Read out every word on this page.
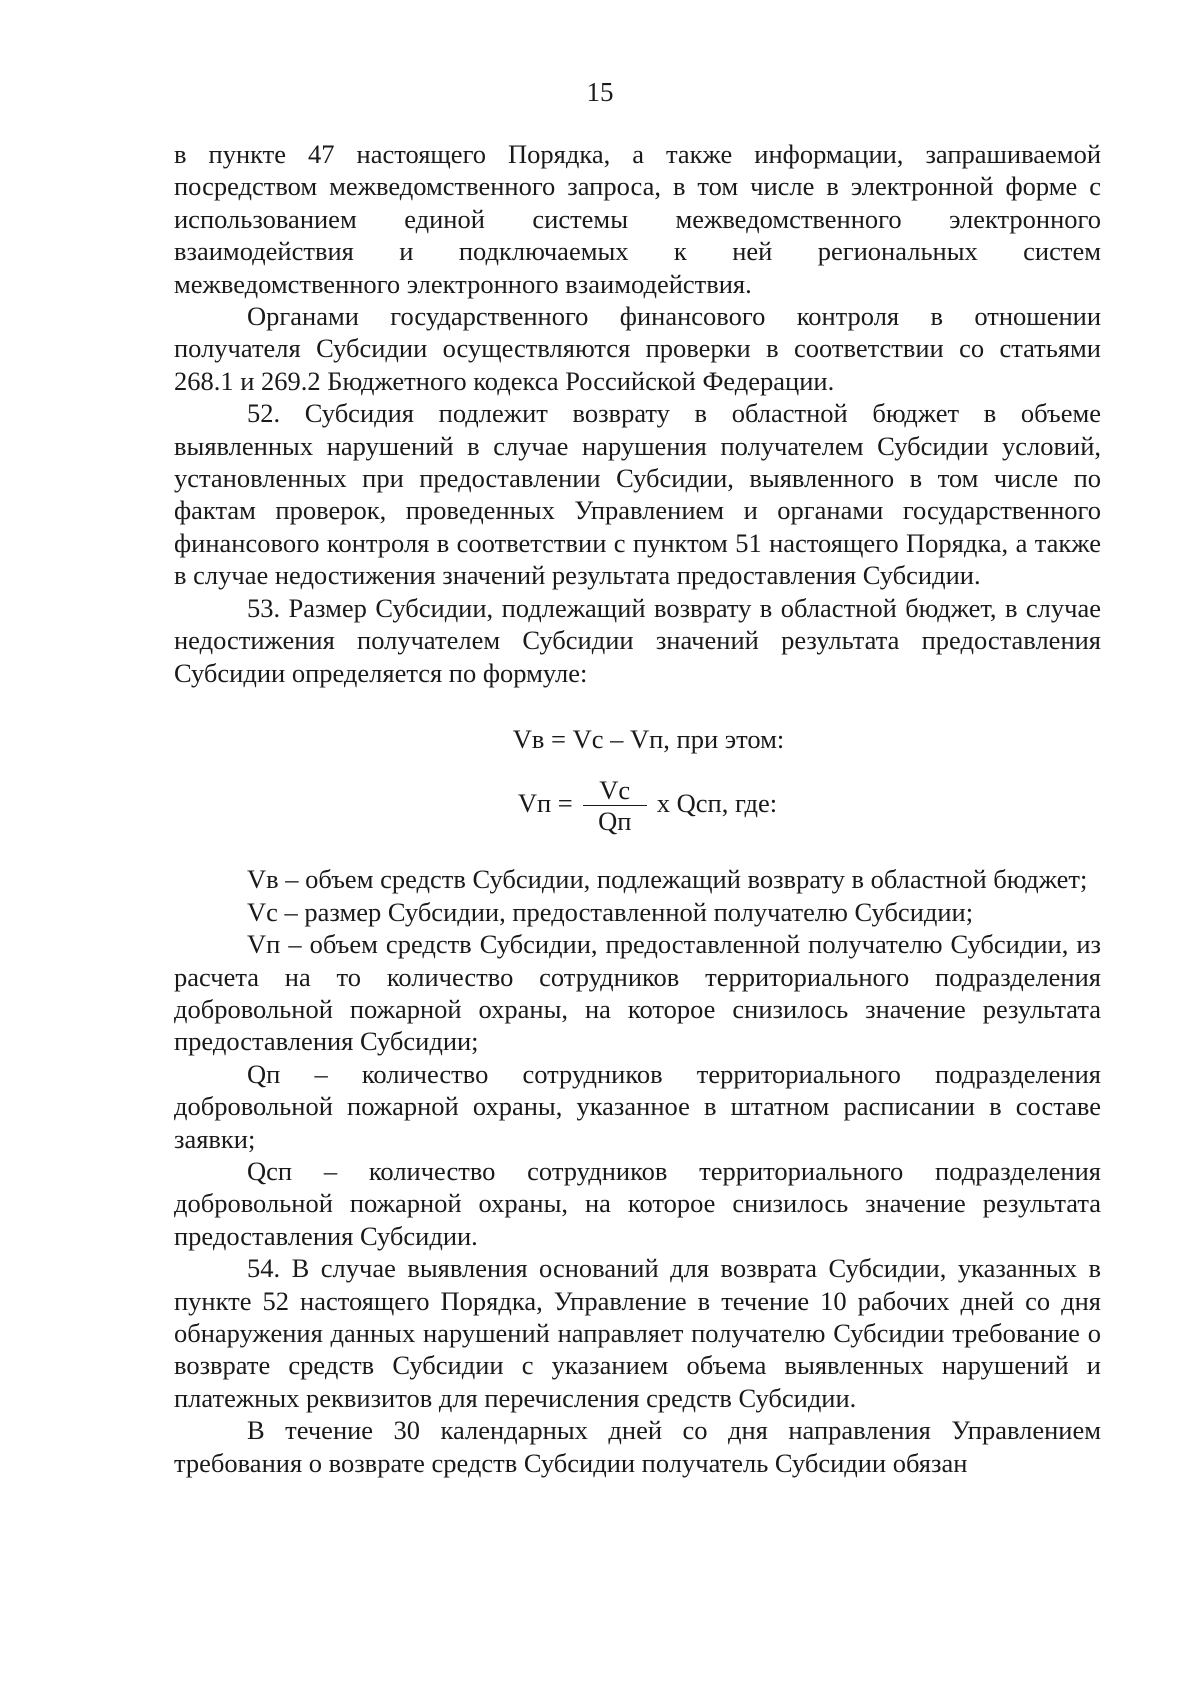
15

в пункте 47 настоящего Порядка, а также информации, запрашиваемой посредством межведомственного запроса, в том числе в электронной форме с использованием единой системы межведомственного электронного взаимодействия и подключаемых к ней региональных систем межведомственного электронного взаимодействия.

Органами государственного финансового контроля в отношении получателя Субсидии осуществляются проверки в соответствии со статьями 268.1 и 269.2 Бюджетного кодекса Российской Федерации.

52. Субсидия подлежит возврату в областной бюджет в объеме выявленных нарушений в случае нарушения получателем Субсидии условий, установленных при предоставлении Субсидии, выявленного в том числе по фактам проверок, проведенных Управлением и органами государственного финансового контроля в соответствии с пунктом 51 настоящего Порядка, а также в случае недостижения значений результата предоставления Субсидии.

53. Размер Субсидии, подлежащий возврату в областной бюджет, в случае недостижения получателем Субсидии значений результата предоставления Субсидии определяется по формуле:

Vв = Vс – Vп, при этом:

Vп = $\frac{Vс}{Qп}$ x Qсп, где:

Vв – объем средств Субсидии, подлежащий возврату в областной бюджет;

Vс – размер Субсидии, предоставленной получателю Субсидии;

Vп – объем средств Субсидии, предоставленной получателю Субсидии, из расчета на то количество сотрудников территориального подразделения добровольной пожарной охраны, на которое снизилось значение результата предоставления Субсидии;

Qп – количество сотрудников территориального подразделения добровольной пожарной охраны, указанное в штатном расписании в составе заявки;

Qсп – количество сотрудников территориального подразделения добровольной пожарной охраны, на которое снизилось значение результата предоставления Субсидии.

54. В случае выявления оснований для возврата Субсидии, указанных в пункте 52 настоящего Порядка, Управление в течение 10 рабочих дней со дня обнаружения данных нарушений направляет получателю Субсидии требование о возврате средств Субсидии с указанием объема выявленных нарушений и платежных реквизитов для перечисления средств Субсидии.

В течение 30 календарных дней со дня направления Управлением требования о возврате средств Субсидии получатель Субсидии обязан
